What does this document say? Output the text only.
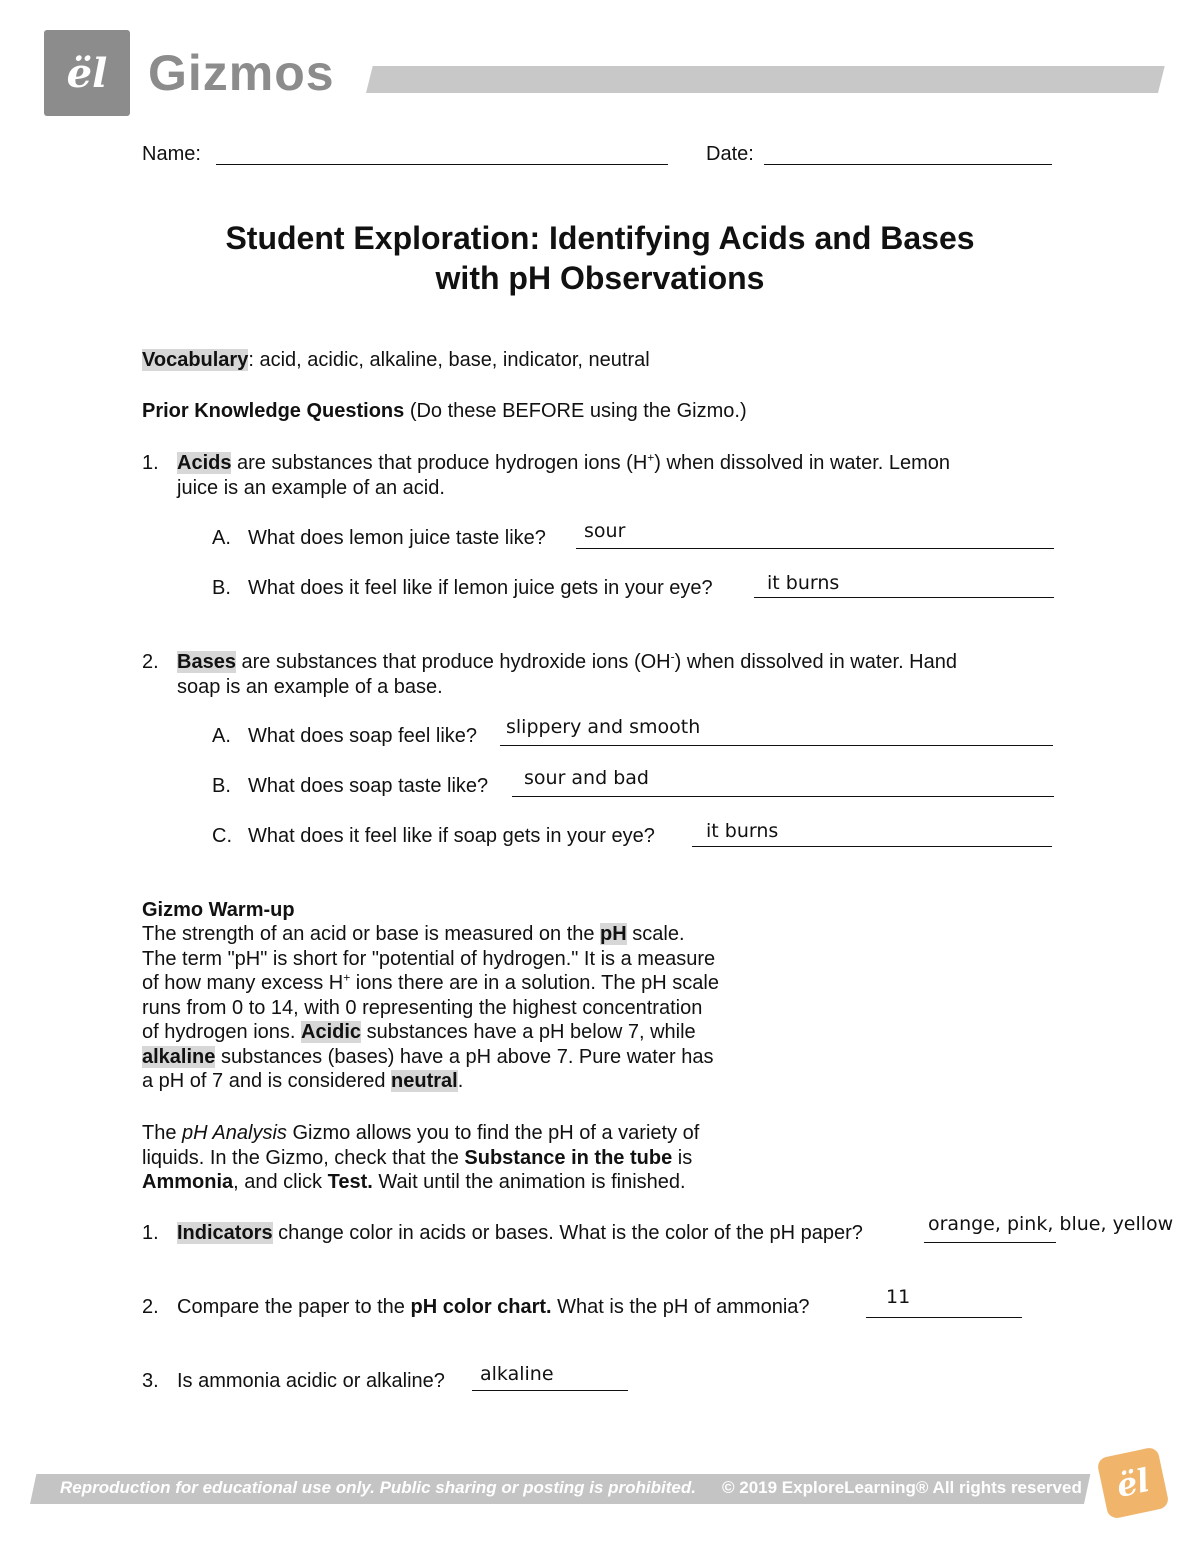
ël Gizmos
Name:	Date:
Student Exploration: Identifying Acids and Bases
with pH Observations
Vocabulary: acid, acidic, alkaline, base, indicator, neutral
Prior Knowledge Questions (Do these BEFORE using the Gizmo.)
1. Acids are substances that produce hydrogen ions (H+) when dissolved in water. Lemon
juice is an example of an acid.
A. What does lemon juice taste like? sour
B. What does it feel like if lemon juice gets in your eye?	it burns
2. Bases are substances that produce hydroxide ions (OH-) when dissolved in water. Hand
soap is an example of a base.
A. What does soap feel like? slippery and smooth
B. What does soap taste like? sour and bad
C. What does it feel like if soap gets in your eye?	it burns
Gizmo Warm-up
The strength of an acid or base is measured on the pH scale.
The term "pH" is short for "potential of hydrogen." It is a measure
of how many excess H+ ions there are in a solution. The pH scale
runs from 0 to 14, with 0 representing the highest concentration
of hydrogen ions. Acidic substances have a pH below 7, while
alkaline substances (bases) have a pH above 7. Pure water has
a pH of 7 and is considered neutral.
The pH Analysis Gizmo allows you to find the pH of a variety of
liquids. In the Gizmo, check that the Substance in the tube is
Ammonia, and click Test. Wait until the animation is finished.
1. Indicators change color in acids or bases. What is the color of the pH paper?	orange, pink, blue, yellow
2. Compare the paper to the pH color chart. What is the pH of ammonia?	11
3. Is ammonia acidic or alkaline? alkaline
Reproduction for educational use only. Public sharing or posting is prohibited. © 2019 ExploreLearning® All rights reserved ël
